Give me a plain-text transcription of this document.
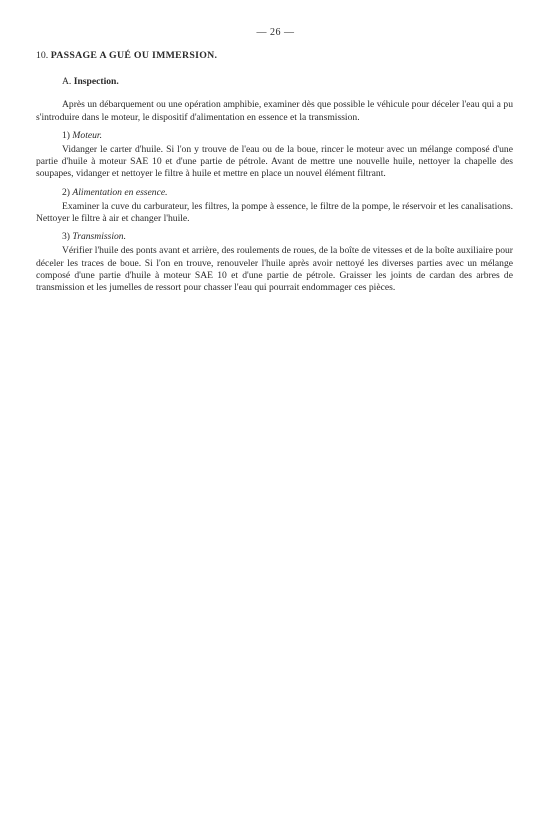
— 26 —
10. PASSAGE A GUÉ OU IMMERSION.
A. Inspection.

Après un débarquement ou une opération amphibie, examiner dès que possible le véhicule pour déceler l'eau qui a pu s'introduire dans le moteur, le dispositif d'alimentation en essence et la transmission.

1) Moteur.

Vidanger le carter d'huile. Si l'on y trouve de l'eau ou de la boue, rincer le moteur avec un mélange composé d'une partie d'huile à moteur SAE 10 et d'une partie de pétrole. Avant de mettre une nouvelle huile, nettoyer la chapelle des soupapes, vidanger et nettoyer le filtre à huile et mettre en place un nouvel élément filtrant.

2) Alimentation en essence.

Examiner la cuve du carburateur, les filtres, la pompe à essence, le filtre de la pompe, le réservoir et les canalisations. Nettoyer le filtre à air et changer l'huile.

3) Transmission.

Vérifier l'huile des ponts avant et arrière, des roulements de roues, de la boîte de vitesses et de la boîte auxiliaire pour déceler les traces de boue. Si l'on en trouve, renouveler l'huile après avoir nettoyé les diverses parties avec un mélange composé d'une partie d'huile à moteur SAE 10 et d'une partie de pétrole. Graisser les joints de cardan des arbres de transmission et les jumelles de ressort pour chasser l'eau qui pourrait endommager ces pièces.
